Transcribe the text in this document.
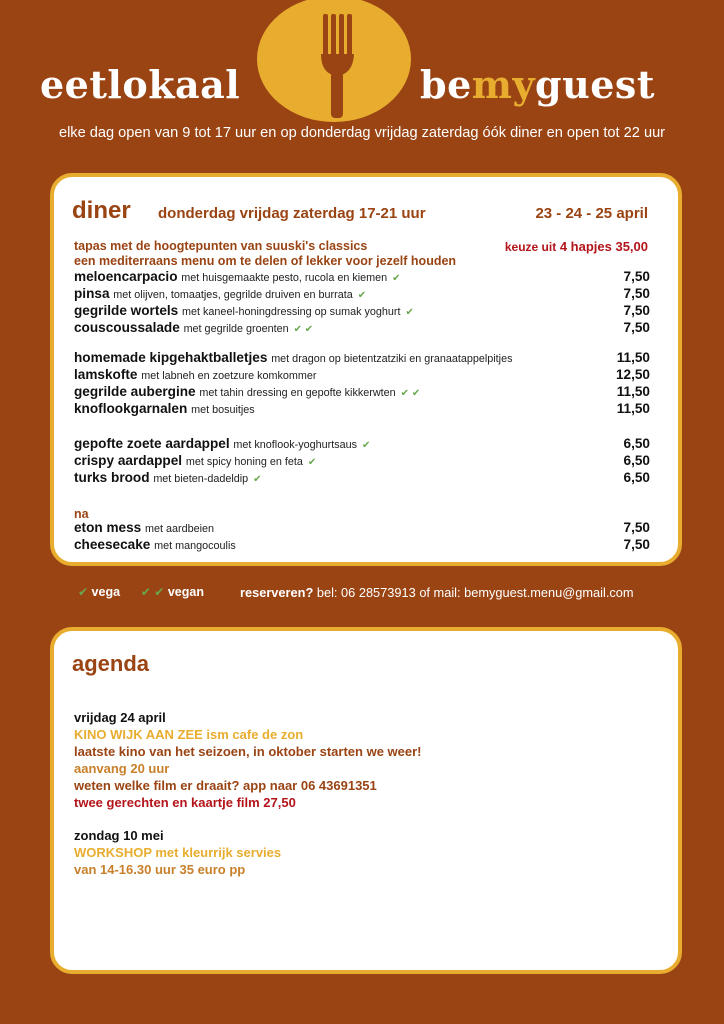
eetlokaal	bemyguest
elke dag open van 9 tot 17 uur en op donderdag vrijdag zaterdag óók diner en open tot 22 uur
diner donderdag vrijdag zaterdag 17-21 uur	23 - 24 - 25 april
tapas met de hoogtepunten van suuski's classics
een mediterraans menu om te delen of lekker voor jezelf houden
keuze uit 4 hapjes 35,00
meloencarpacio met huisgemaakte pesto, rucola en kiemen ✔	7,50
pinsa met olijven, tomaatjes, gegrilde druiven en burrata ✔	7,50
gegrilde wortels met kaneel-honingdressing op sumak yoghurt ✔	7,50
couscoussalade met gegrilde groenten ✔ ✔	7,50
homemade kipgehaktballetjes met dragon op bietentzatziki en granaatappelpitjes	11,50
lamskofte met labneh en zoetzure komkommer	12,50
gegrilde aubergine met tahin dressing en gepofte kikkerwten ✔ ✔	11,50
knoflookgarnalen met bosuitjes	11,50
gepofte zoete aardappel met knoflook-yoghurtsaus ✔	6,50
crispy aardappel met spicy honing en feta ✔	6,50
turks brood met bieten-dadeldip ✔	6,50
na
eton mess met aardbeien	7,50
cheesecake met mangocoulis	7,50
✔ vega ✔ ✔ vegan	reserveren? bel: 06 28573913 of mail: bemyguest.menu@gmail.com
agenda
vrijdag 24 april
KINO WIJK AAN ZEE ism cafe de zon
laatste kino van het seizoen, in oktober starten we weer!
aanvang 20 uur
weten welke film er draait? app naar 06 43691351
twee gerechten en kaartje film 27,50
zondag 10 mei
WORKSHOP met kleurrijk servies
van 14-16.30 uur 35 euro pp
